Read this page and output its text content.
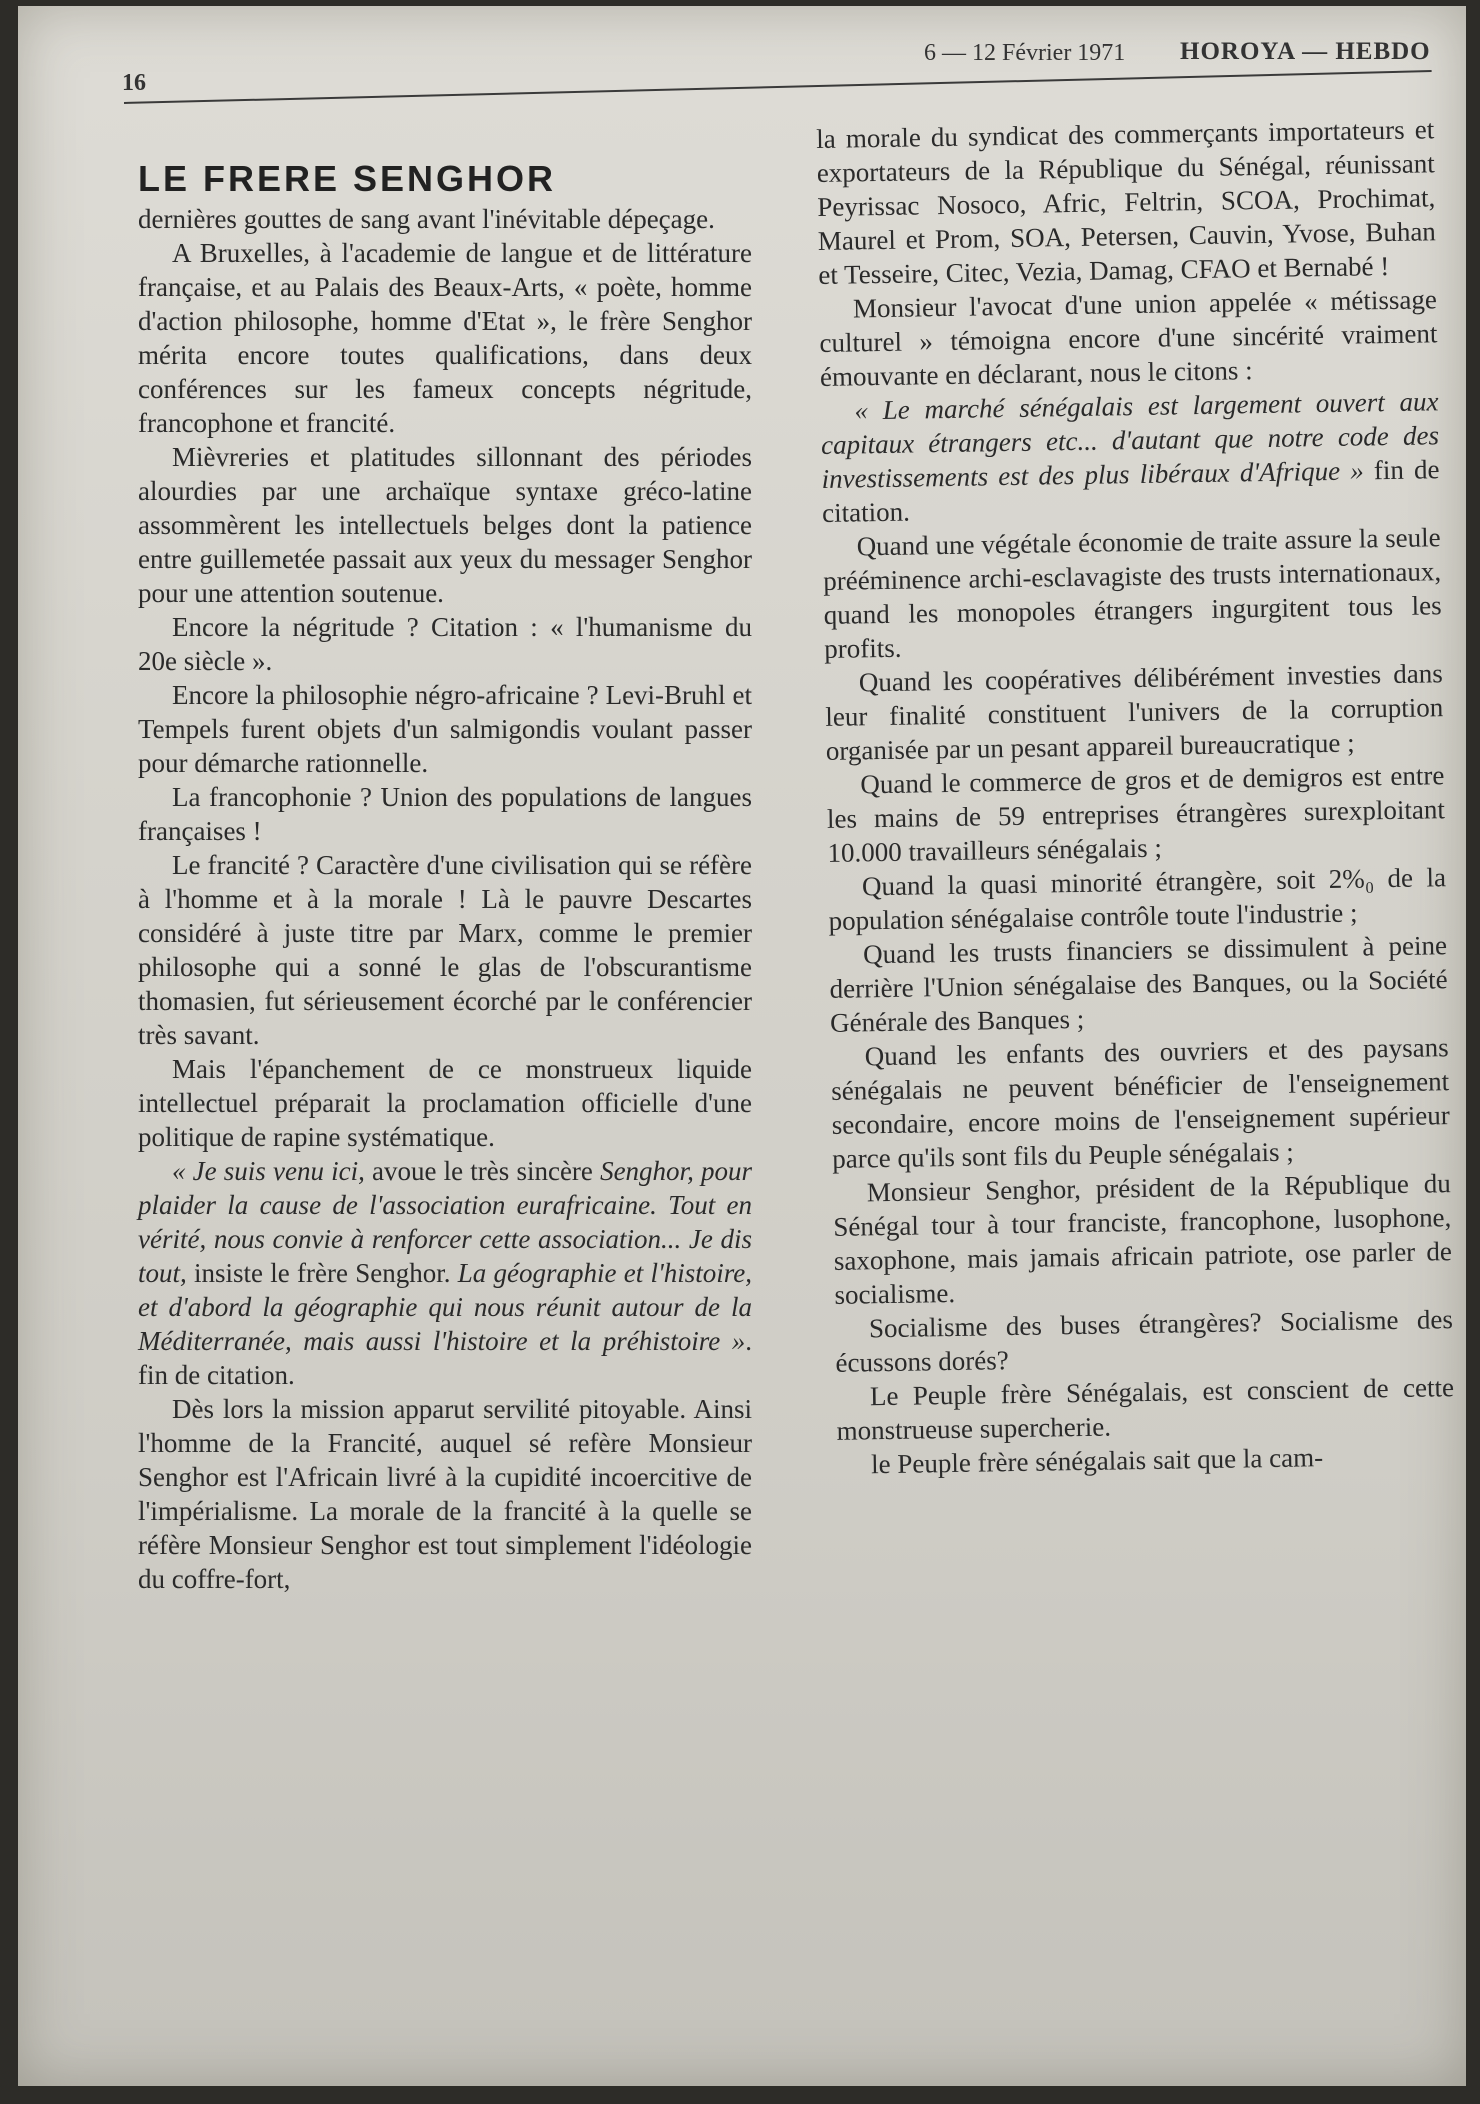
16
6 — 12 Février 1971 HOROYA — HEBDO
LE FRERE SENGHOR

dernières gouttes de sang avant l'inévitable dépeçage.

A Bruxelles, à l'academie de langue et de littérature française, et au Palais des Beaux-Arts, « poète, homme d'action philosophe, homme d'Etat », le frère Senghor mérita encore toutes qualifications, dans deux conférences sur les fameux concepts négritude, francophone et francité.

Mièvreries et platitudes sillonnant des périodes alourdies par une archaïque syntaxe gréco-latine assommèrent les intellectuels belges dont la patience entre guillemetée passait aux yeux du messager Senghor pour une attention soutenue.

Encore la négritude ? Citation : « l'humanisme du 20e siècle ».

Encore la philosophie négro-africaine ? Levi-Bruhl et Tempels furent objets d'un salmigondis voulant passer pour démarche rationnelle.

La francophonie ? Union des populations de langues françaises !

Le francité ? Caractère d'une civilisation qui se réfère à l'homme et à la morale ! Là le pauvre Descartes considéré à juste titre par Marx, comme le premier philosophe qui a sonné le glas de l'obscurantisme thomasien, fut sérieusement écorché par le conférencier très savant.

Mais l'épanchement de ce monstrueux liquide intellectuel préparait la proclamation officielle d'une politique de rapine systématique.

« Je suis venu ici, avoue le très sincère Senghor, pour plaider la cause de l'association eurafricaine. Tout en vérité, nous convie à renforcer cette association... Je dis tout, insiste le frère Senghor. La géographie et l'histoire, et d'abord la géographie qui nous réunit autour de la Méditerranée, mais aussi l'histoire et la préhistoire ». fin de citation.

Dès lors la mission apparut servilité pitoyable. Ainsi l'homme de la Francité, auquel sé refère Monsieur Senghor est l'Africain livré à la cupidité incoercitive de l'impérialisme. La morale de la francité à la quelle se réfère Monsieur Senghor est tout simplement l'idéologie du coffre-fort,

la morale du syndicat des commerçants importateurs et exportateurs de la République du Sénégal, réunissant Peyrissac Nosoco, Afric, Feltrin, SCOA, Prochimat, Maurel et Prom, SOA, Petersen, Cauvin, Yvose, Buhan et Tesseire, Citec, Vezia, Damag, CFAO et Bernabé !

Monsieur l'avocat d'une union appelée « métissage culturel » témoigna encore d'une sincérité vraiment émouvante en déclarant, nous le citons :

« Le marché sénégalais est largement ouvert aux capitaux étrangers etc... d'autant que notre code des investissements est des plus libéraux d'Afrique » fin de citation.

Quand une végétale économie de traite assure la seule prééminence archi-esclavagiste des trusts internationaux, quand les monopoles étrangers ingurgitent tous les profits.

Quand les coopératives délibérément investies dans leur finalité constituent l'univers de la corruption organisée par un pesant appareil bureaucratique ;

Quand le commerce de gros et de demigros est entre les mains de 59 entreprises étrangères surexploitant 10.000 travailleurs sénégalais ;

Quand la quasi minorité étrangère, soit 2%₀ de la population sénégalaise contrôle toute l'industrie ;

Quand les trusts financiers se dissimulent à peine derrière l'Union sénégalaise des Banques, ou la Société Générale des Banques ;

Quand les enfants des ouvriers et des paysans sénégalais ne peuvent bénéficier de l'enseignement secondaire, encore moins de l'enseignement supérieur parce qu'ils sont fils du Peuple sénégalais ;

Monsieur Senghor, président de la République du Sénégal tour à tour franciste, francophone, lusophone, saxophone, mais jamais africain patriote, ose parler de socialisme.

Socialisme des buses étrangères? Socialisme des écussons dorés?

Le Peuple frère Sénégalais, est conscient de cette monstrueuse supercherie.

le Peuple frère sénégalais sait que la cam-
